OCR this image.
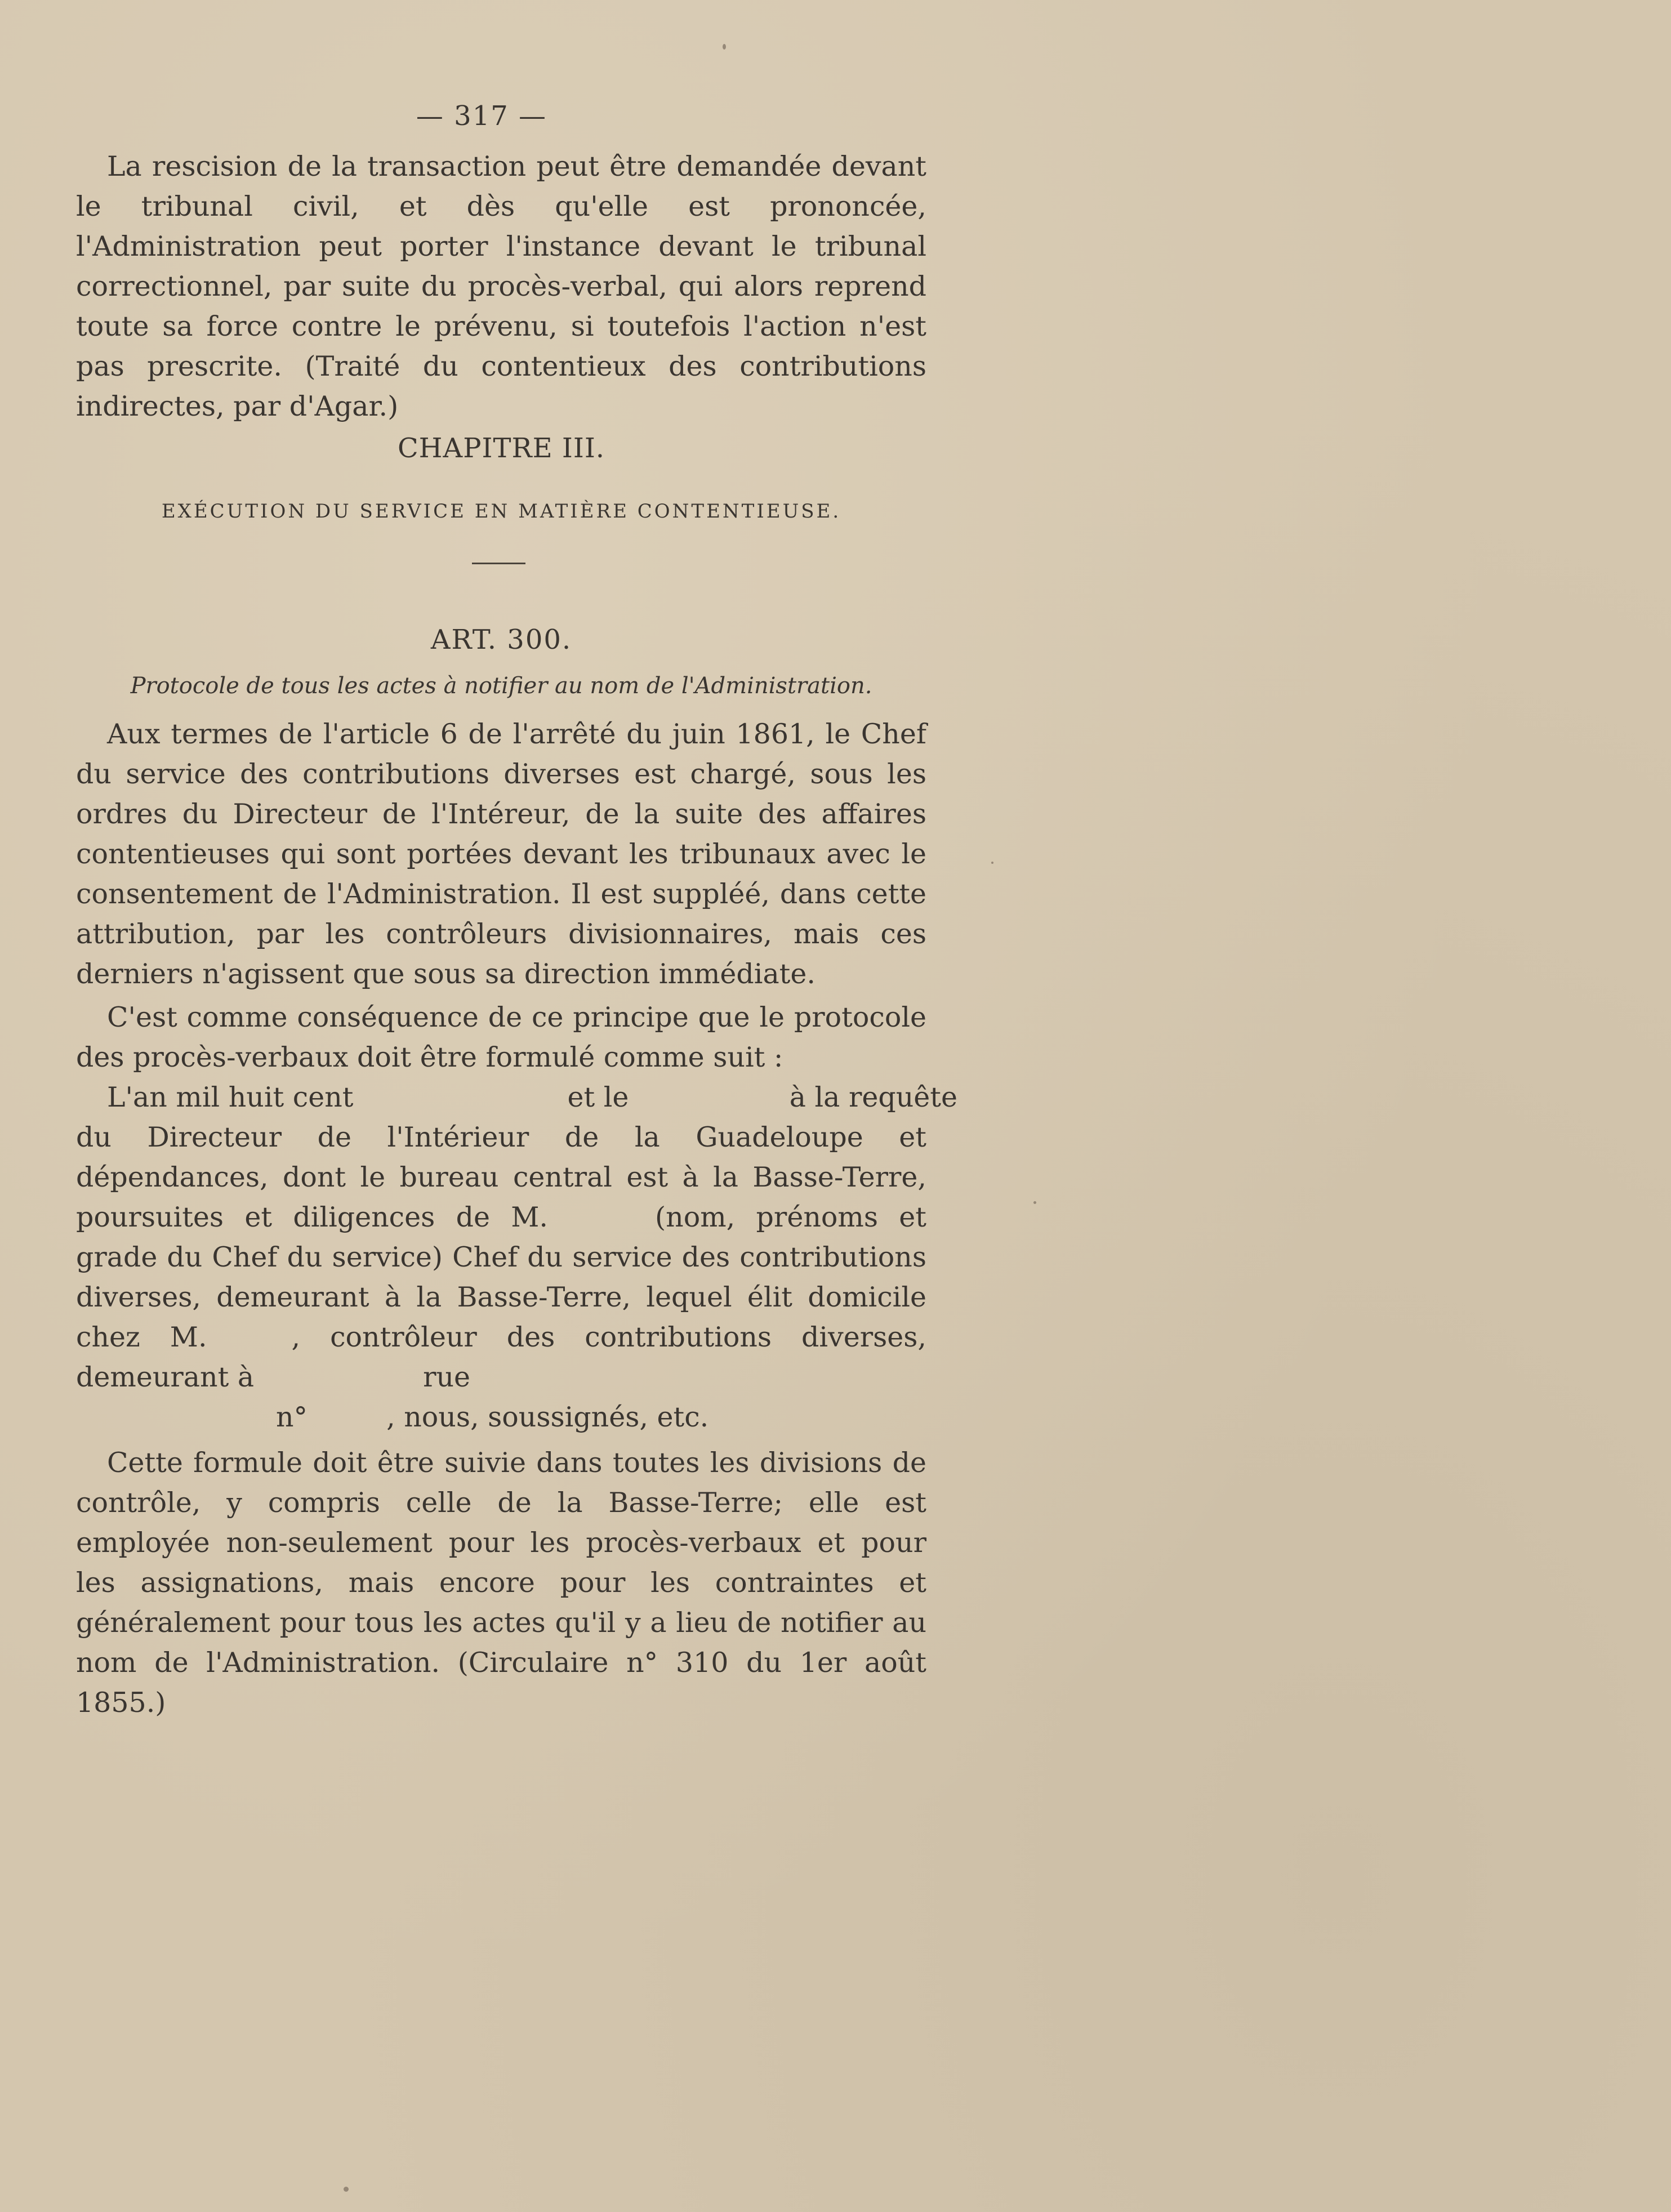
— 317 —

La rescision de la transaction peut être demandée devant le tribunal civil, et dès qu'elle est prononcée, l'Administration peut porter l'instance devant le tribunal correctionnel, par suite du procès-verbal, qui alors reprend toute sa force contre le prévenu, si toutefois l'action n'est pas prescrite. (Traité du contentieux des contributions indirectes, par d'Agar.)

CHAPITRE III.
EXÉCUTION DU SERVICE EN MATIÈRE CONTENTIEUSE.
ART. 300.
Protocole de tous les actes à notifier au nom de l'Administration.

Aux termes de l'article 6 de l'arrêté du juin 1861, le Chef du service des contributions diverses est chargé, sous les ordres du Directeur de l'Intéreur, de la suite des affaires contentieuses qui sont portées devant les tribunaux avec le consentement de l'Administration. Il est suppléé, dans cette attribution, par les contrôleurs divisionnaires, mais ces derniers n'agissent que sous sa direction immédiate.

C'est comme conséquence de ce principe que le protocole des procès-verbaux doit être formulé comme suit :

L'an mil huit cent	et le	à la requête

du Directeur de l'Intérieur de la Guadeloupe et dépendances, dont le bureau central est à la Basse-Terre, poursuites et diligences de M.	(nom, prénoms et grade du Chef du service) Chef du service des contributions diverses, demeurant à la Basse-Terre, lequel élit domicile chez M.	, contrôleur des contributions diverses, demeurant à	rue

n°	, nous, soussignés, etc.

Cette formule doit être suivie dans toutes les divisions de contrôle, y compris celle de la Basse-Terre; elle est employée non-seulement pour les procès-verbaux et pour les assignations, mais encore pour les contraintes et généralement pour tous les actes qu'il y a lieu de notifier au nom de l'Administration. (Circulaire n° 310 du 1er août 1855.)
